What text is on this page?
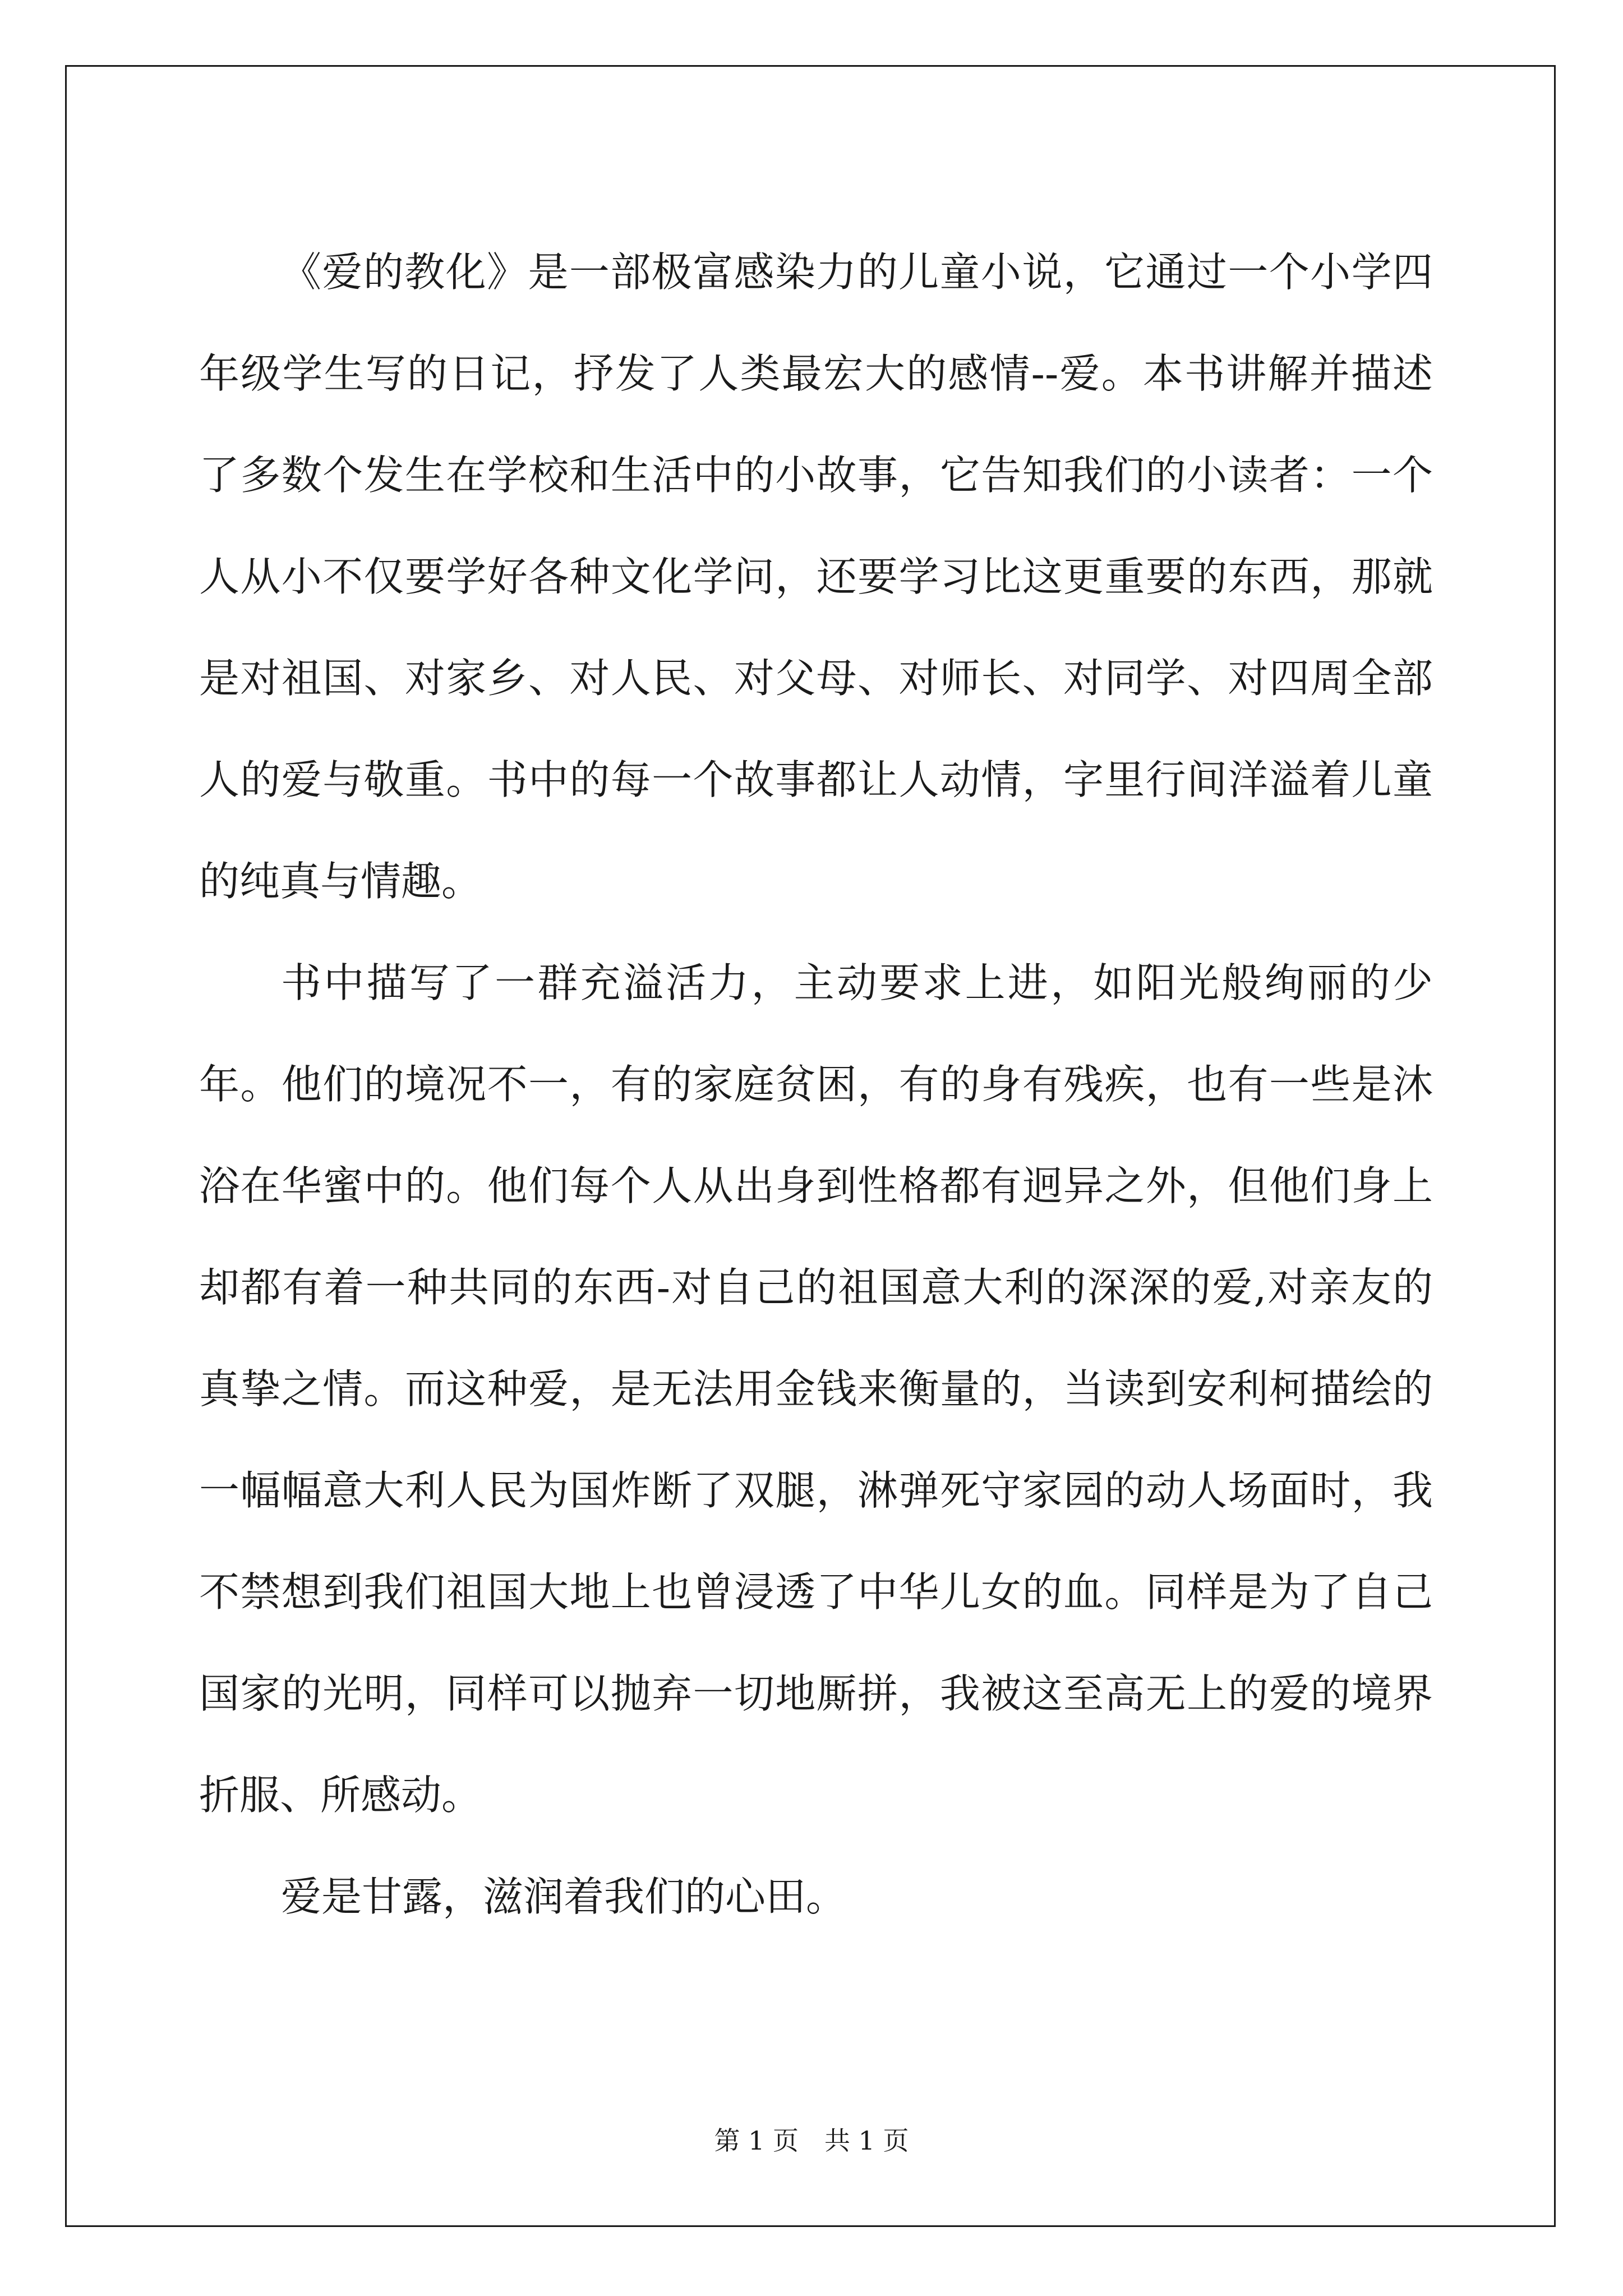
《爱的教化》是一部极富感染力的儿童小说，它通过一个小学四年级学生写的日记，抒发了人类最宏大的感情--爱。本书讲解并描述了多数个发生在学校和生活中的小故事，它告知我们的小读者：一个人从小不仅要学好各种文化学问，还要学习比这更重要的东西，那就是对祖国、对家乡、对人民、对父母、对师长、对同学、对四周全部人的爱与敬重。书中的每一个故事都让人动情，字里行间洋溢着儿童的纯真与情趣。

书中描写了一群充溢活力，主动要求上进，如阳光般绚丽的少年。他们的境况不一，有的家庭贫困，有的身有残疾，也有一些是沐浴在华蜜中的。他们每个人从出身到性格都有迥异之外，但他们身上却都有着一种共同的东西-对自己的祖国意大利的深深的爱,对亲友的真挚之情。而这种爱，是无法用金钱来衡量的，当读到安利柯描绘的一幅幅意大利人民为国炸断了双腿，淋弹死守家园的动人场面时，我不禁想到我们祖国大地上也曾浸透了中华儿女的血。同样是为了自己国家的光明，同样可以抛弃一切地厮拼，我被这至高无上的爱的境界折服、所感动。

爱是甘露，滋润着我们的心田。

第 1 页 共 1 页
